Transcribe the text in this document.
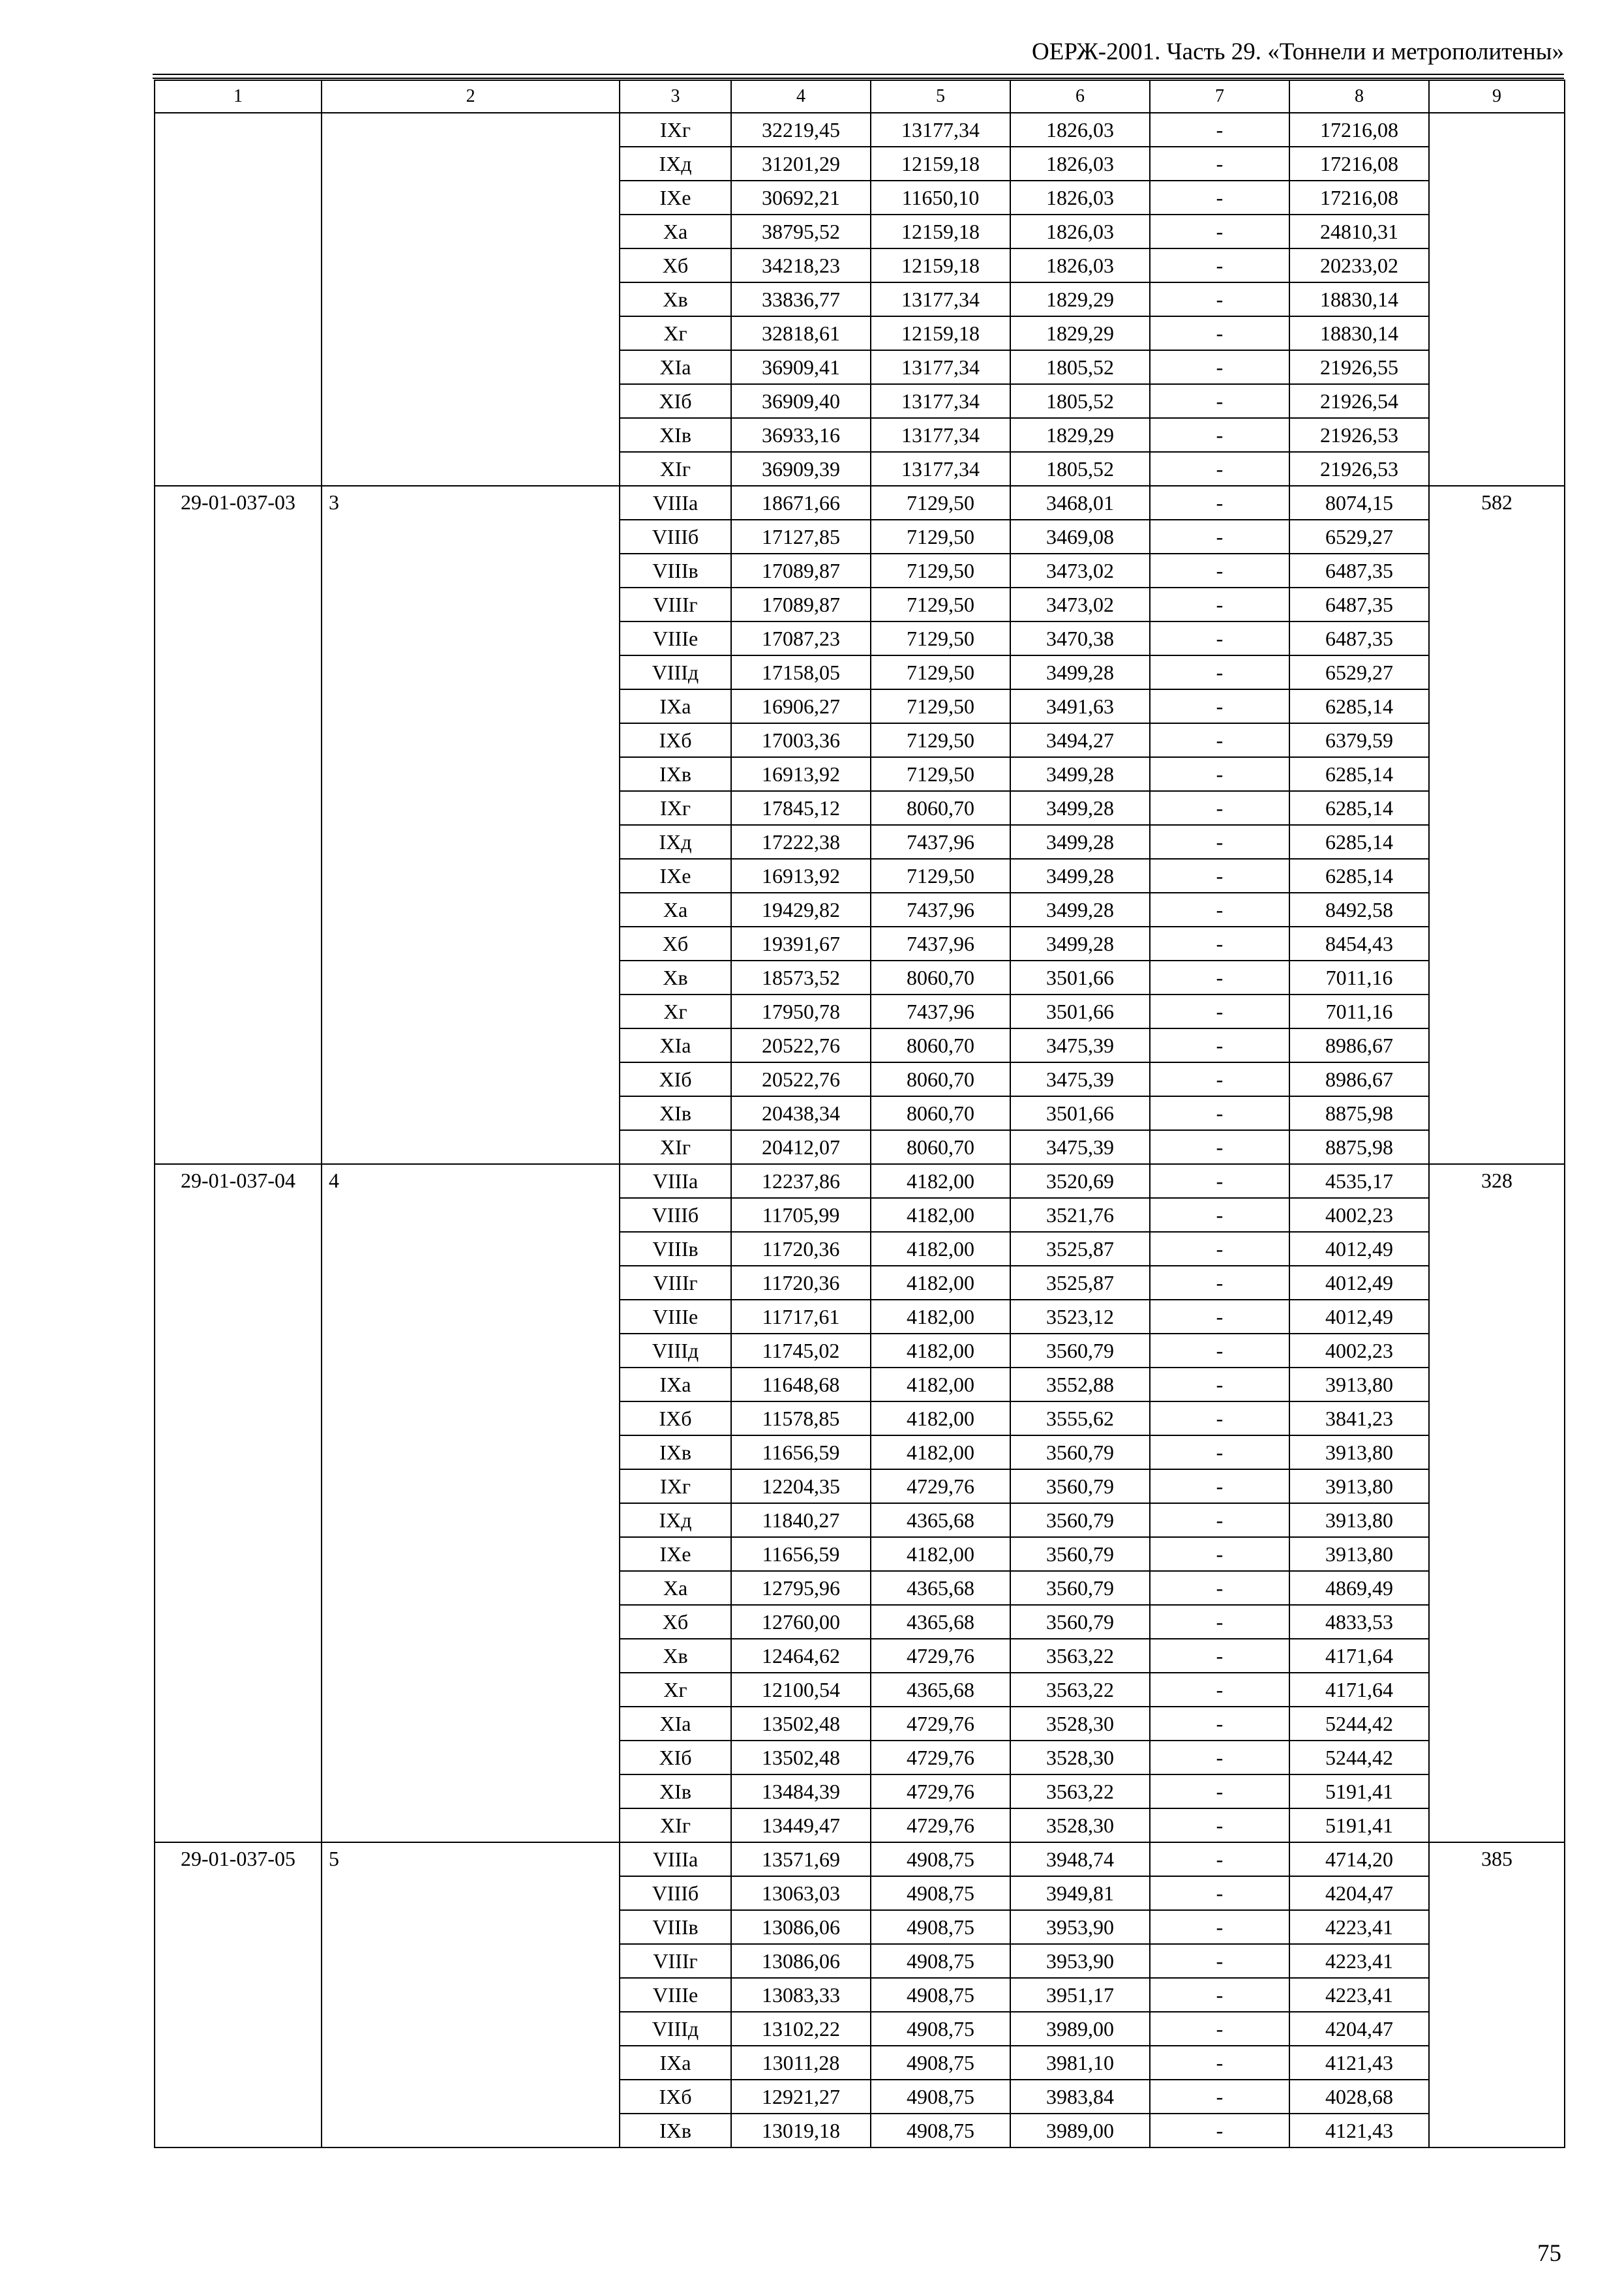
ОЕРЖ-2001. Часть 29. «Тоннели и метрополитены»
1	2	3	4	5	6	7	8	9
		IXг	32219,45	13177,34	1826,03	-	17216,08	
		IXд	31201,29	12159,18	1826,03	-	17216,08	
		IXe	30692,21	11650,10	1826,03	-	17216,08	
		Xa	38795,52	12159,18	1826,03	-	24810,31	
		Xб	34218,23	12159,18	1826,03	-	20233,02	
		Xв	33836,77	13177,34	1829,29	-	18830,14	
		Xг	32818,61	12159,18	1829,29	-	18830,14	
		XIa	36909,41	13177,34	1805,52	-	21926,55	
		XIб	36909,40	13177,34	1805,52	-	21926,54	
		XIв	36933,16	13177,34	1829,29	-	21926,53	
		XIг	36909,39	13177,34	1805,52	-	21926,53	
29-01-037-03	3	VIIIa	18671,66	7129,50	3468,01	-	8074,15	582
		VIIIб	17127,85	7129,50	3469,08	-	6529,27	
		VIIIв	17089,87	7129,50	3473,02	-	6487,35	
		VIIIг	17089,87	7129,50	3473,02	-	6487,35	
		VIIIe	17087,23	7129,50	3470,38	-	6487,35	
		VIIIд	17158,05	7129,50	3499,28	-	6529,27	
		IXa	16906,27	7129,50	3491,63	-	6285,14	
		IXб	17003,36	7129,50	3494,27	-	6379,59	
		IXв	16913,92	7129,50	3499,28	-	6285,14	
		IXг	17845,12	8060,70	3499,28	-	6285,14	
		IXд	17222,38	7437,96	3499,28	-	6285,14	
		IXe	16913,92	7129,50	3499,28	-	6285,14	
		Xa	19429,82	7437,96	3499,28	-	8492,58	
		Xб	19391,67	7437,96	3499,28	-	8454,43	
		Xв	18573,52	8060,70	3501,66	-	7011,16	
		Xг	17950,78	7437,96	3501,66	-	7011,16	
		XIa	20522,76	8060,70	3475,39	-	8986,67	
		XIб	20522,76	8060,70	3475,39	-	8986,67	
		XIв	20438,34	8060,70	3501,66	-	8875,98	
		XIг	20412,07	8060,70	3475,39	-	8875,98	
29-01-037-04	4	VIIIa	12237,86	4182,00	3520,69	-	4535,17	328
		VIIIб	11705,99	4182,00	3521,76	-	4002,23	
		VIIIв	11720,36	4182,00	3525,87	-	4012,49	
		VIIIг	11720,36	4182,00	3525,87	-	4012,49	
		VIIIe	11717,61	4182,00	3523,12	-	4012,49	
		VIIIд	11745,02	4182,00	3560,79	-	4002,23	
		IXa	11648,68	4182,00	3552,88	-	3913,80	
		IXб	11578,85	4182,00	3555,62	-	3841,23	
		IXв	11656,59	4182,00	3560,79	-	3913,80	
		IXг	12204,35	4729,76	3560,79	-	3913,80	
		IXд	11840,27	4365,68	3560,79	-	3913,80	
		IXe	11656,59	4182,00	3560,79	-	3913,80	
		Xa	12795,96	4365,68	3560,79	-	4869,49	
		Xб	12760,00	4365,68	3560,79	-	4833,53	
		Xв	12464,62	4729,76	3563,22	-	4171,64	
		Xг	12100,54	4365,68	3563,22	-	4171,64	
		XIa	13502,48	4729,76	3528,30	-	5244,42	
		XIб	13502,48	4729,76	3528,30	-	5244,42	
		XIв	13484,39	4729,76	3563,22	-	5191,41	
		XIг	13449,47	4729,76	3528,30	-	5191,41	
29-01-037-05	5	VIIIa	13571,69	4908,75	3948,74	-	4714,20	385
		VIIIб	13063,03	4908,75	3949,81	-	4204,47	
		VIIIв	13086,06	4908,75	3953,90	-	4223,41	
		VIIIг	13086,06	4908,75	3953,90	-	4223,41	
		VIIIe	13083,33	4908,75	3951,17	-	4223,41	
		VIIIд	13102,22	4908,75	3989,00	-	4204,47	
		IXa	13011,28	4908,75	3981,10	-	4121,43	
		IXб	12921,27	4908,75	3983,84	-	4028,68	
		IXв	13019,18	4908,75	3989,00	-	4121,43	
75
